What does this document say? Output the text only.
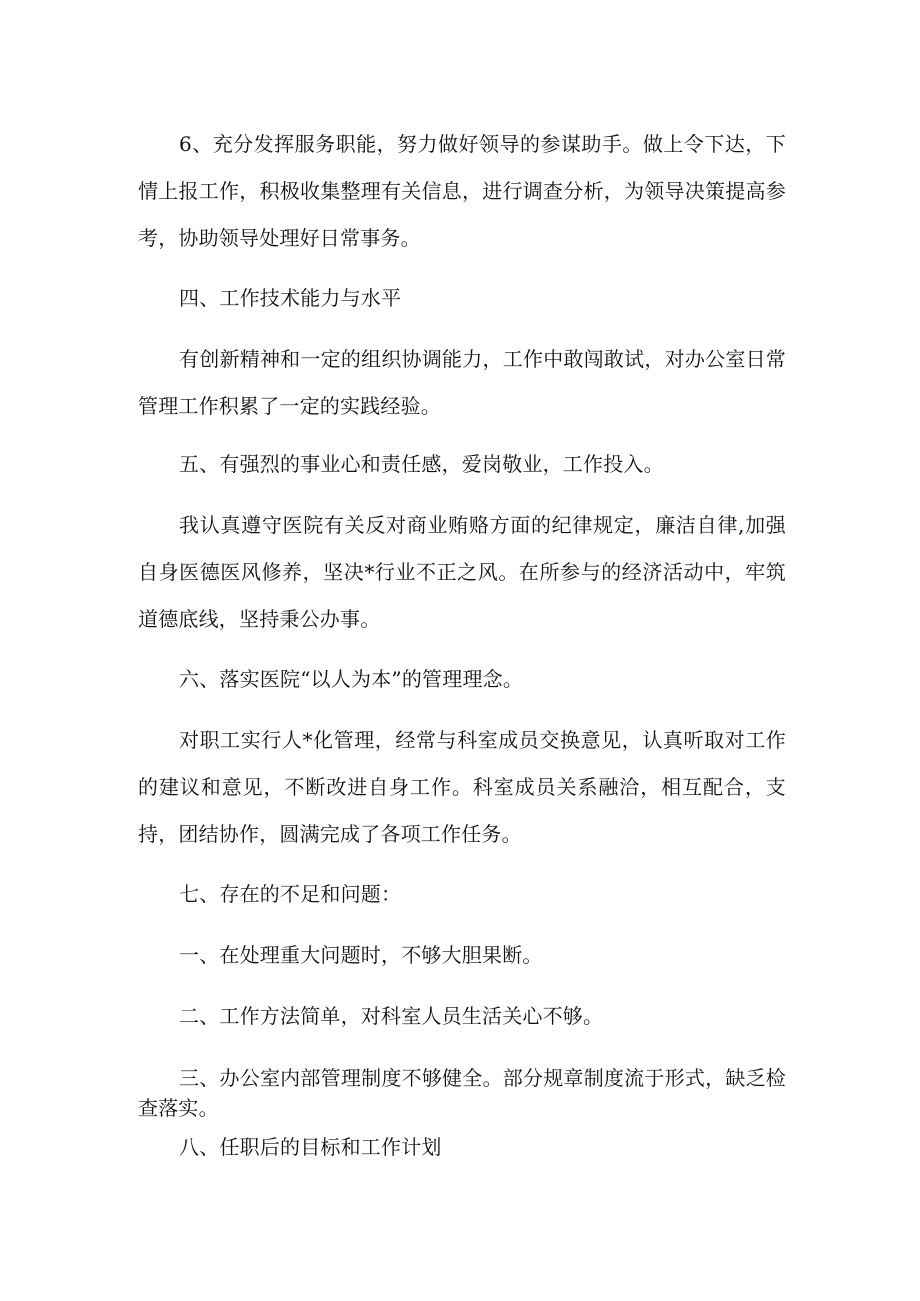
6、充分发挥服务职能，努力做好领导的参谋助手。做上令下达，下情上报工作，积极收集整理有关信息，进行调查分析，为领导决策提高参考，协助领导处理好日常事务。

四、工作技术能力与水平

有创新精神和一定的组织协调能力，工作中敢闯敢试，对办公室日常管理工作积累了一定的实践经验。

五、有强烈的事业心和责任感，爱岗敬业，工作投入。

我认真遵守医院有关反对商业贿赂方面的纪律规定，廉洁自律,加强自身医德医风修养，坚决*行业不正之风。在所参与的经济活动中，牢筑道德底线，坚持秉公办事。

六、落实医院“以人为本”的管理理念。

对职工实行人*化管理，经常与科室成员交换意见，认真听取对工作的建议和意见，不断改进自身工作。科室成员关系融洽，相互配合，支持，团结协作，圆满完成了各项工作任务。

七、存在的不足和问题：

一、在处理重大问题时，不够大胆果断。

二、工作方法简单，对科室人员生活关心不够。

三、办公室内部管理制度不够健全。部分规章制度流于形式，缺乏检查落实。

八、任职后的目标和工作计划
